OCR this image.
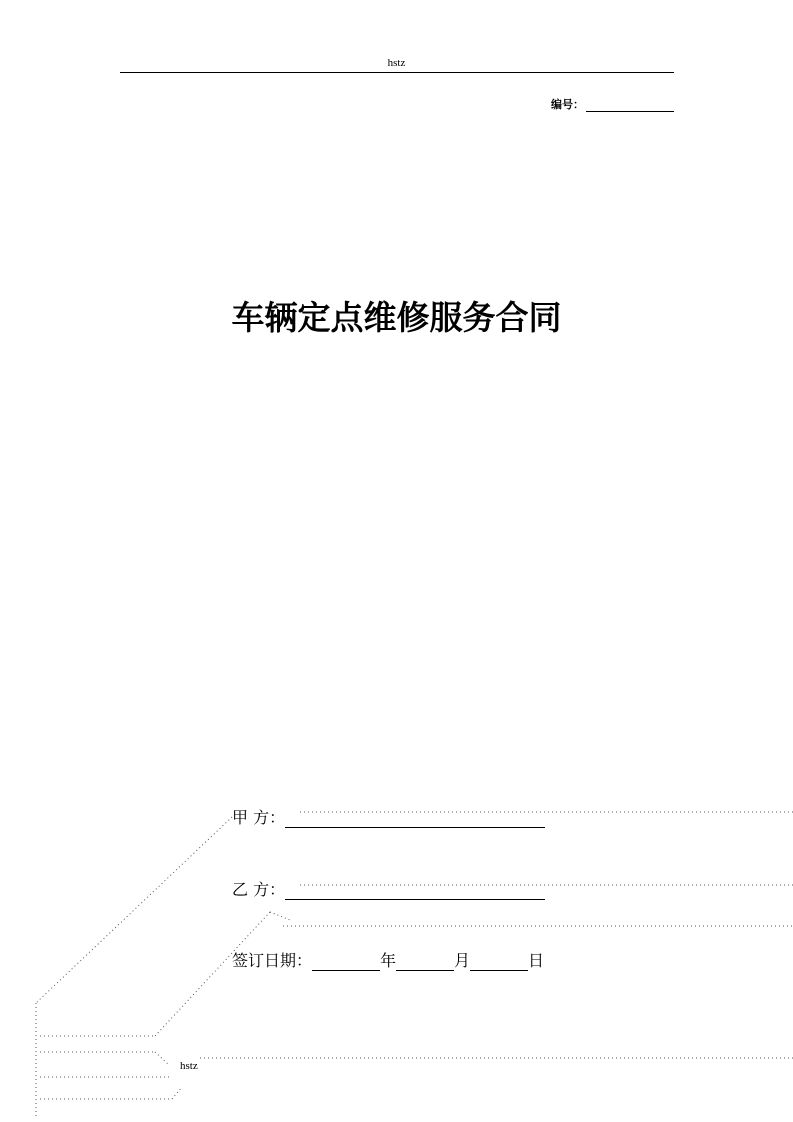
hstz
编号：
车辆定点维修服务合同
甲 方：
乙 方：
签订日期：	年	月	日
hstz
